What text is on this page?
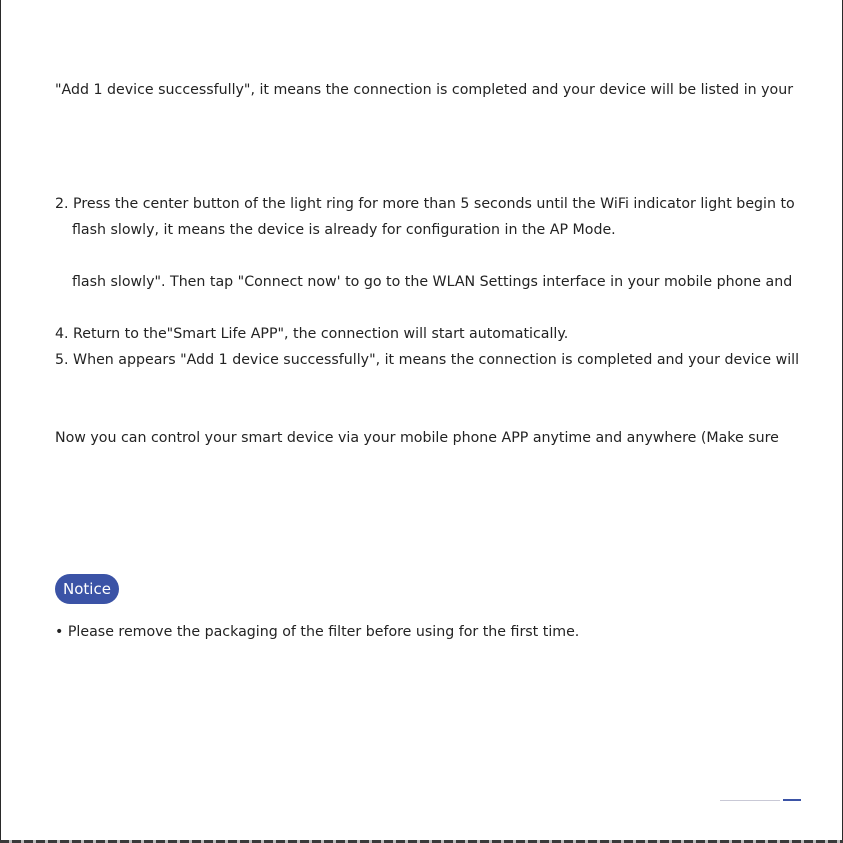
"Add 1 device successfully", it means the connection is completed and your device will be listed in your
2. Press the center button of the light ring for more than 5 seconds until the WiFi indicator light begin to
flash slowly, it means the device is already for configuration in the AP Mode.
flash slowly". Then tap "Connect now' to go to the WLAN Settings interface in your mobile phone and
4. Return to the"Smart Life APP", the connection will start automatically.
5. When appears "Add 1 device successfully", it means the connection is completed and your device will
Now you can control your smart device via your mobile phone APP anytime and anywhere (Make sure
Notice
• Please remove the packaging of the filter before using for the first time.
